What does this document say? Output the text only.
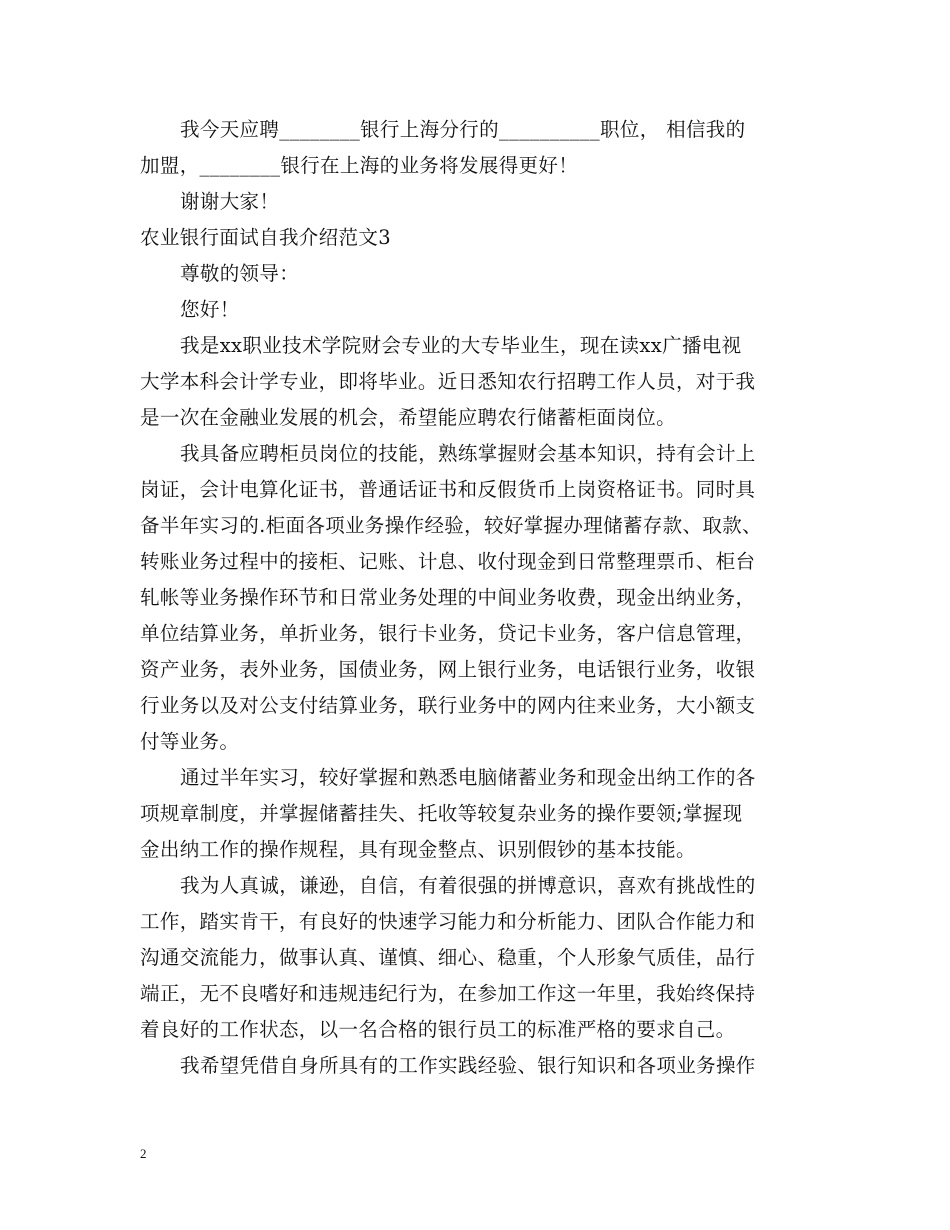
我今天应聘________银行上海分行的__________职位， 相信我的
加盟，________银行在上海的业务将发展得更好！
谢谢大家！
农业银行面试自我介绍范文3
尊敬的领导：
您好！
我是xx职业技术学院财会专业的大专毕业生，现在读xx广播电视
大学本科会计学专业，即将毕业。近日悉知农行招聘工作人员，对于我
是一次在金融业发展的机会，希望能应聘农行储蓄柜面岗位。
我具备应聘柜员岗位的技能，熟练掌握财会基本知识，持有会计上
岗证，会计电算化证书，普通话证书和反假货币上岗资格证书。同时具
备半年实习的.柜面各项业务操作经验，较好掌握办理储蓄存款、取款、
转账业务过程中的接柜、记账、计息、收付现金到日常整理票币、柜台
轧帐等业务操作环节和日常业务处理的中间业务收费，现金出纳业务，
单位结算业务，单折业务，银行卡业务，贷记卡业务，客户信息管理，
资产业务，表外业务，国债业务，网上银行业务，电话银行业务，收银
行业务以及对公支付结算业务，联行业务中的网内往来业务，大小额支
付等业务。
通过半年实习，较好掌握和熟悉电脑储蓄业务和现金出纳工作的各
项规章制度，并掌握储蓄挂失、托收等较复杂业务的操作要领;掌握现
金出纳工作的操作规程，具有现金整点、识别假钞的基本技能。
我为人真诚，谦逊，自信，有着很强的拼博意识，喜欢有挑战性的
工作，踏实肯干，有良好的快速学习能力和分析能力、团队合作能力和
沟通交流能力，做事认真、谨慎、细心、稳重，个人形象气质佳，品行
端正，无不良嗜好和违规违纪行为，在参加工作这一年里，我始终保持
着良好的工作状态，以一名合格的银行员工的标准严格的要求自己。
我希望凭借自身所具有的工作实践经验、银行知识和各项业务操作
2
